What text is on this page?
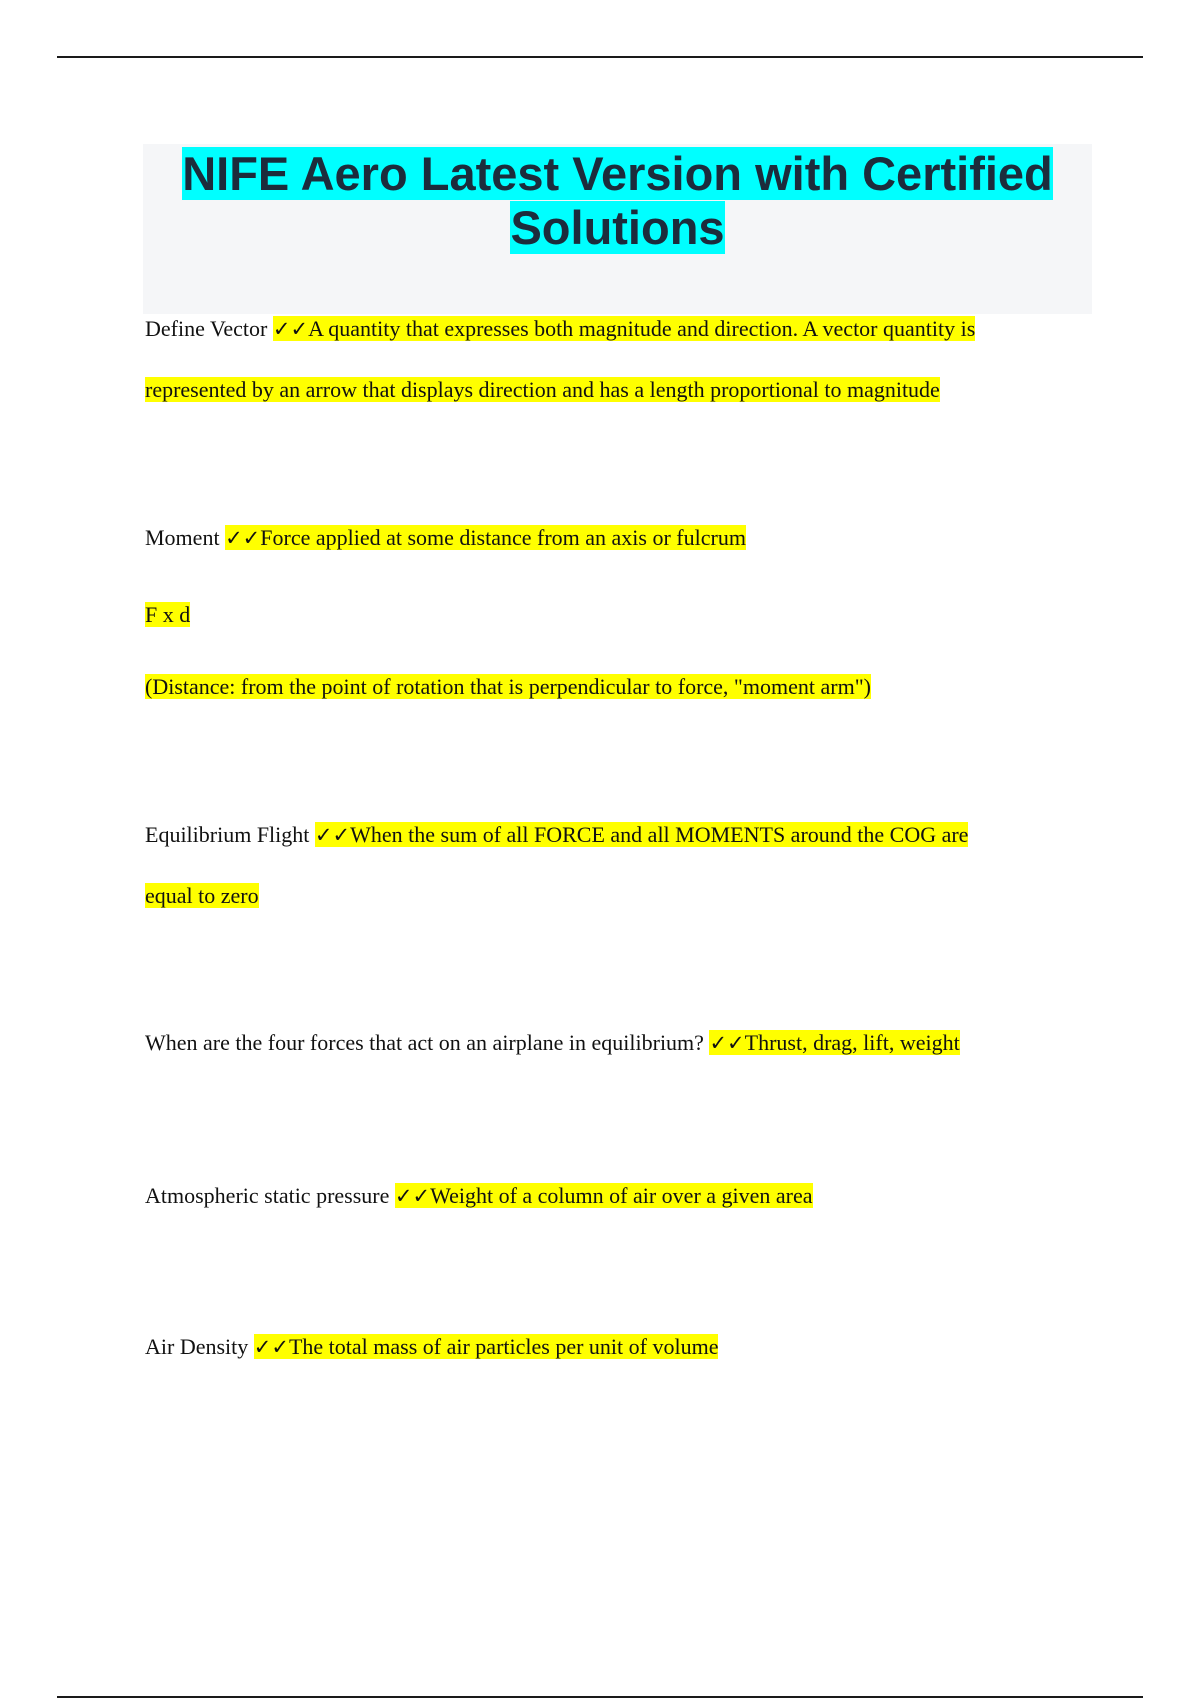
NIFE Aero Latest Version with Certified
Solutions

Define Vector ✓✓A quantity that expresses both magnitude and direction. A vector quantity is

represented by an arrow that displays direction and has a length proportional to magnitude

Moment ✓✓Force applied at some distance from an axis or fulcrum

F x d

(Distance: from the point of rotation that is perpendicular to force, "moment arm")

Equilibrium Flight ✓✓When the sum of all FORCE and all MOMENTS around the COG are

equal to zero

When are the four forces that act on an airplane in equilibrium? ✓✓Thrust, drag, lift, weight

Atmospheric static pressure ✓✓Weight of a column of air over a given area

Air Density ✓✓The total mass of air particles per unit of volume
